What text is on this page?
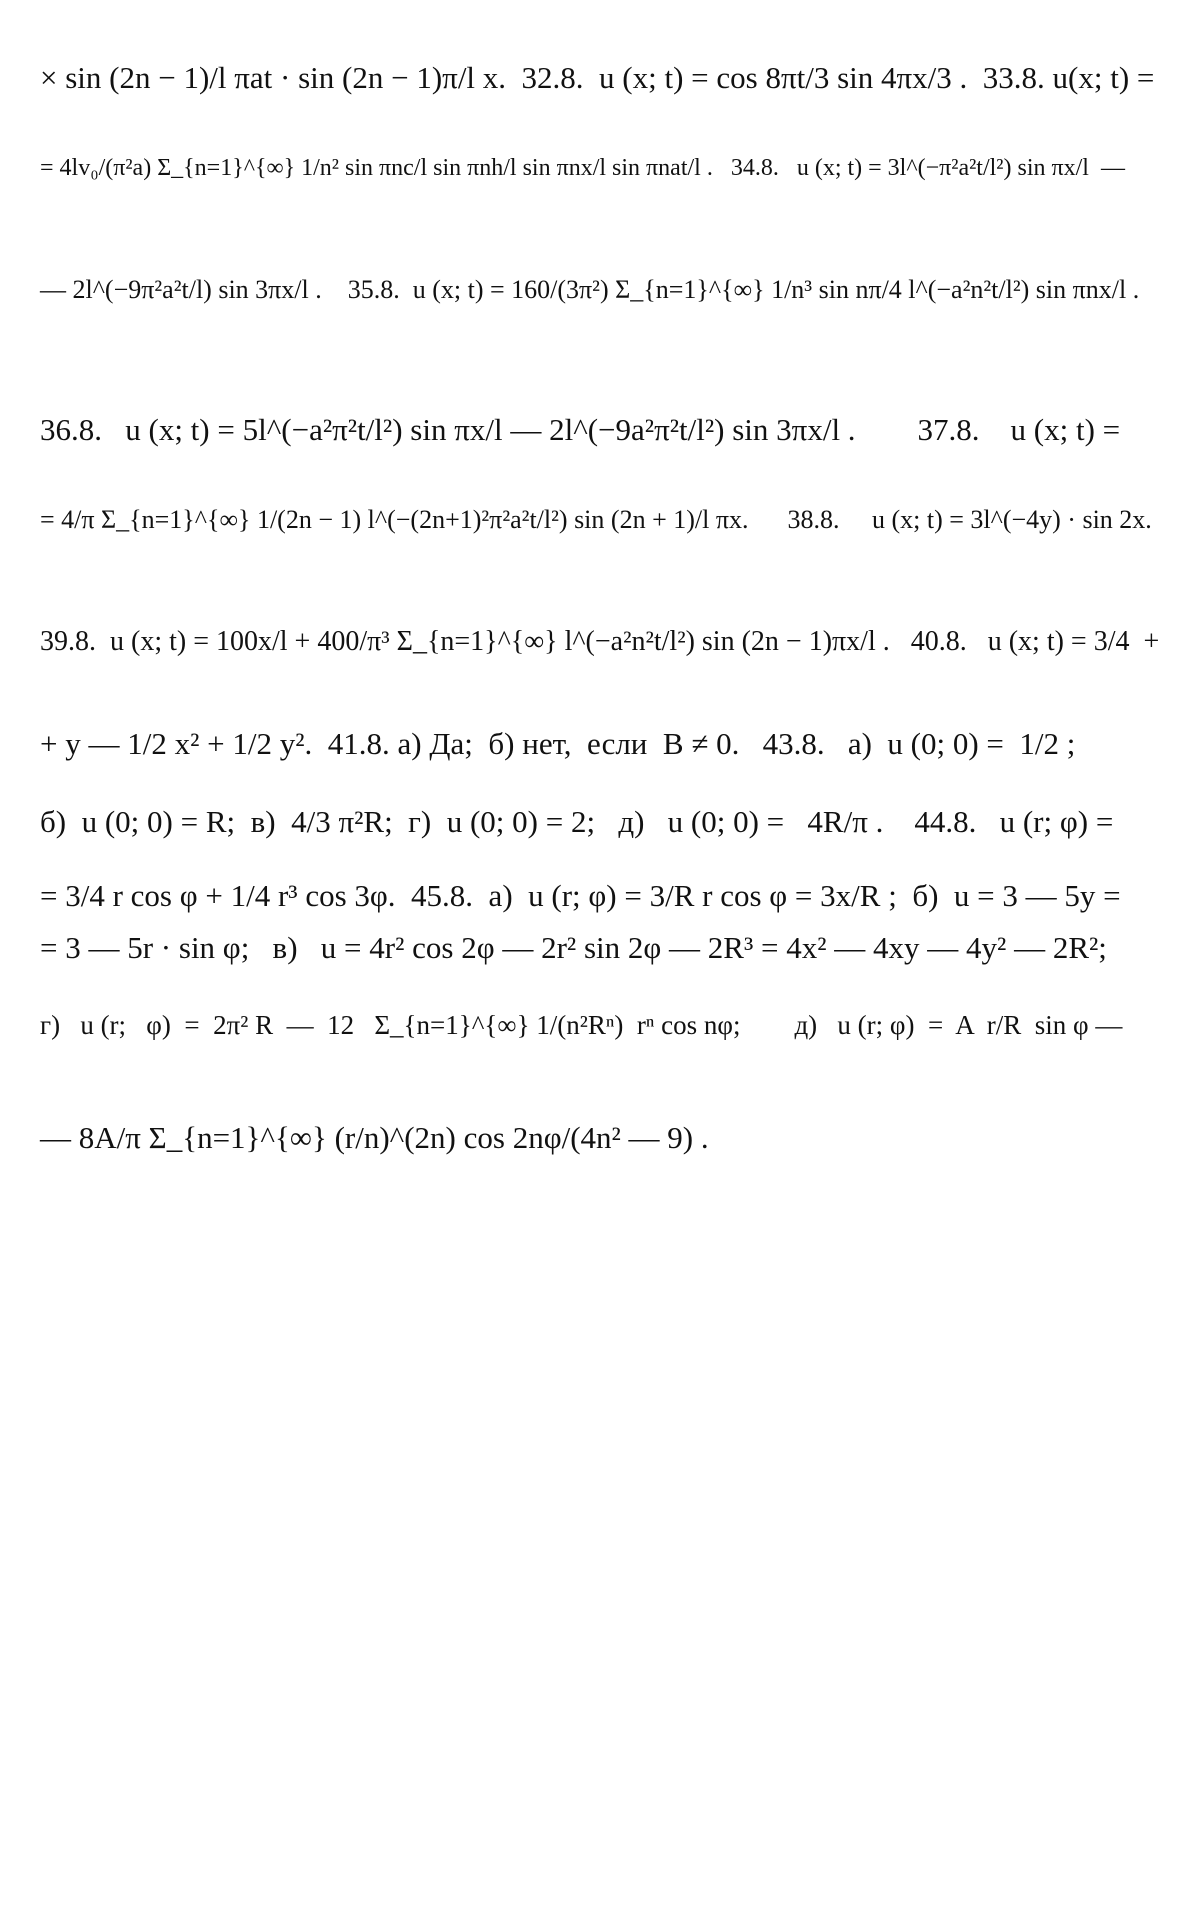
× sin (2n − 1)/l πat · sin (2n − 1)π/l x.  32.8.  u (x; t) = cos 8πt/3 sin 4πx/3 .  33.8. u(x; t) =
= 4lv₀/(π²a) Σ_{n=1}^{∞} 1/n² sin πnc/l sin πnh/l sin πnx/l sin πnat/l .   34.8.   u (x; t) = 3l^(−π²a²t/l²) sin πx/l  —
— 2l^(−9π²a²t/l) sin 3πx/l .    35.8.  u (x; t) = 160/(3π²) Σ_{n=1}^{∞} 1/n³ sin nπ/4 l^(−a²n²t/l²) sin πnx/l .
36.8.   u (x; t) = 5l^(−a²π²t/l²) sin πx/l — 2l^(−9a²π²t/l²) sin 3πx/l .        37.8.    u (x; t) =
= 4/π Σ_{n=1}^{∞} 1/(2n − 1) l^(−(2n+1)²π²a²t/l²) sin (2n + 1)/l πx.      38.8.     u (x; t) = 3l^(−4y) · sin 2x.
39.8.  u (x; t) = 100x/l + 400/π³ Σ_{n=1}^{∞} l^(−a²n²t/l²) sin (2n − 1)πx/l .   40.8.   u (x; t) = 3/4  +
+ y — 1/2 x² + 1/2 y².  41.8. а) Да;  б) нет,  если  B ≠ 0.   43.8.   а)  u (0; 0) =  1/2 ;
б)  u (0; 0) = R;  в)  4/3 π²R;  г)  u (0; 0) = 2;   д)   u (0; 0) =   4R/π .    44.8.   u (r; φ) =
= 3/4 r cos φ + 1/4 r³ cos 3φ.  45.8.  а)  u (r; φ) = 3/R r cos φ = 3x/R ;  б)  u = 3 — 5y =
= 3 — 5r · sin φ;   в)   u = 4r² cos 2φ — 2r² sin 2φ — 2R³ = 4x² — 4xy — 4y² — 2R²;
г)   u (r;   φ)  =  2π² R  —  12   Σ_{n=1}^{∞} 1/(n²Rⁿ)  rⁿ cos nφ;        д)   u (r; φ)  =  A  r/R  sin φ —
— 8A/π Σ_{n=1}^{∞} (r/n)^(2n) cos 2nφ/(4n² — 9) .
